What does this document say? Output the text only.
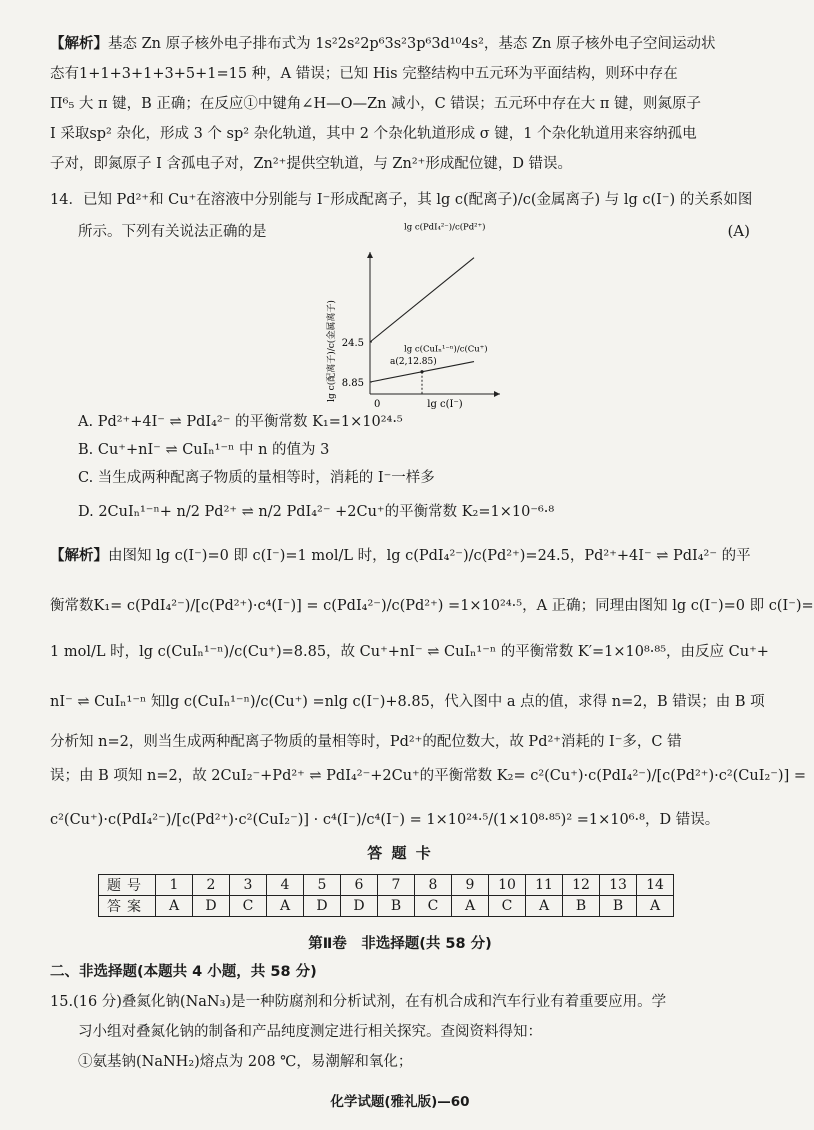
【解析】基态 Zn 原子核外电子排布式为 1s²2s²2p⁶3s²3p⁶3d¹⁰4s²，基态 Zn 原子核外电子空间运动状
态有1+1+3+1+3+5+1=15 种，A 错误；已知 His 完整结构中五元环为平面结构，则环中存在
Π⁶₅ 大 π 键，B 正确；在反应①中键角∠H—O—Zn 减小，C 错误；五元环中存在大 π 键，则氮原子
Ⅰ 采取sp² 杂化，形成 3 个 sp² 杂化轨道，其中 2 个杂化轨道形成 σ 键，1 个杂化轨道用来容纳孤电
子对，即氮原子 Ⅰ 含孤电子对，Zn²⁺提供空轨道，与 Zn²⁺形成配位键，D 错误。
14．已知 Pd²⁺和 Cu⁺在溶液中分别能与 I⁻形成配离子，其 lg c(配离子)/c(金属离子) 与 lg c(I⁻) 的关系如图
所示。下列有关说法正确的是	(A)
24.5
8.85
0	lg c(I⁻)
lg c(配离子)/c(金属离子)
lg c(PdI₄²⁻)/c(Pd²⁺)
lg c(CuIₙ¹⁻ⁿ)/c(Cu⁺)
a(2,12.85)
A. Pd²⁺+4I⁻ ⇌ PdI₄²⁻ 的平衡常数 K₁=1×10²⁴·⁵
B. Cu⁺+nI⁻ ⇌ CuIₙ¹⁻ⁿ 中 n 的值为 3
C. 当生成两种配离子物质的量相等时，消耗的 I⁻一样多
D. 2CuIₙ¹⁻ⁿ+ n/2 Pd²⁺ ⇌ n/2 PdI₄²⁻ +2Cu⁺的平衡常数 K₂=1×10⁻⁶·⁸
【解析】由图知 lg c(I⁻)=0 即 c(I⁻)=1 mol/L 时，lg c(PdI₄²⁻)/c(Pd²⁺)=24.5，Pd²⁺+4I⁻ ⇌ PdI₄²⁻ 的平
衡常数K₁= c(PdI₄²⁻)/[c(Pd²⁺)·c⁴(I⁻)] = c(PdI₄²⁻)/c(Pd²⁺) =1×10²⁴·⁵，A 正确；同理由图知 lg c(I⁻)=0 即 c(I⁻)=
1 mol/L 时，lg c(CuIₙ¹⁻ⁿ)/c(Cu⁺)=8.85，故 Cu⁺+nI⁻ ⇌ CuIₙ¹⁻ⁿ 的平衡常数 K′=1×10⁸·⁸⁵，由反应 Cu⁺+
nI⁻ ⇌ CuIₙ¹⁻ⁿ 知lg c(CuIₙ¹⁻ⁿ)/c(Cu⁺) =nlg c(I⁻)+8.85，代入图中 a 点的值，求得 n=2，B 错误；由 B 项
分析知 n=2，则当生成两种配离子物质的量相等时，Pd²⁺的配位数大，故 Pd²⁺消耗的 I⁻多，C 错
误；由 B 项知 n=2，故 2CuI₂⁻+Pd²⁺ ⇌ PdI₄²⁻+2Cu⁺的平衡常数 K₂= c²(Cu⁺)·c(PdI₄²⁻)/[c(Pd²⁺)·c²(CuI₂⁻)] =
c²(Cu⁺)·c(PdI₄²⁻)/[c(Pd²⁺)·c²(CuI₂⁻)] · c⁴(I⁻)/c⁴(I⁻) = 1×10²⁴·⁵/(1×10⁸·⁸⁵)² =1×10⁶·⁸，D 错误。
答 题 卡
题号	1	2	3	4	5	6	7	8	9	10	11	12	13	14
答案	A	D	C	A	D	D	B	C	A	C	A	B	B	A
第Ⅱ卷　非选择题(共 58 分)
二、非选择题(本题共 4 小题，共 58 分)
15.(16 分)叠氮化钠(NaN₃)是一种防腐剂和分析试剂，在有机合成和汽车行业有着重要应用。学
习小组对叠氮化钠的制备和产品纯度测定进行相关探究。查阅资料得知：
①氨基钠(NaNH₂)熔点为 208 ℃，易潮解和氧化；
化学试题(雅礼版)—60
